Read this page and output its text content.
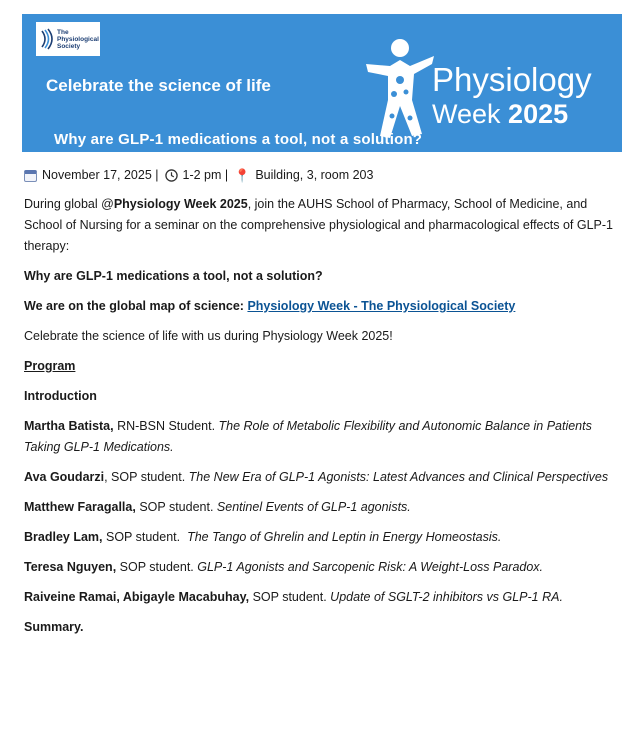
The
Physiological
Society
Celebrate the science of life	Physiology
Week 2025
Why are GLP-1 medications a tool, not a solution?

November 17, 2025 | 1-2 pm | 📍 Building, 3, room 203

During global @Physiology Week 2025, join the AUHS School of Pharmacy, School of Medicine, and School of Nursing for a seminar on the comprehensive physiological and pharmacological effects of GLP-1 therapy:

Why are GLP-1 medications a tool, not a solution?

We are on the global map of science: Physiology Week - The Physiological Society

Celebrate the science of life with us during Physiology Week 2025!

Program

Introduction

Martha Batista, RN-BSN Student. The Role of Metabolic Flexibility and Autonomic Balance in Patients Taking GLP-1 Medications.

Ava Goudarzi, SOP student. The New Era of GLP-1 Agonists: Latest Advances and Clinical Perspectives

Matthew Faragalla, SOP student. Sentinel Events of GLP-1 agonists.

Bradley Lam, SOP student.  The Tango of Ghrelin and Leptin in Energy Homeostasis.

Teresa Nguyen, SOP student. GLP-1 Agonists and Sarcopenic Risk: A Weight-Loss Paradox.

Raiveine Ramai, Abigayle Macabuhay, SOP student. Update of SGLT-2 inhibitors vs GLP-1 RA.

Summary.
